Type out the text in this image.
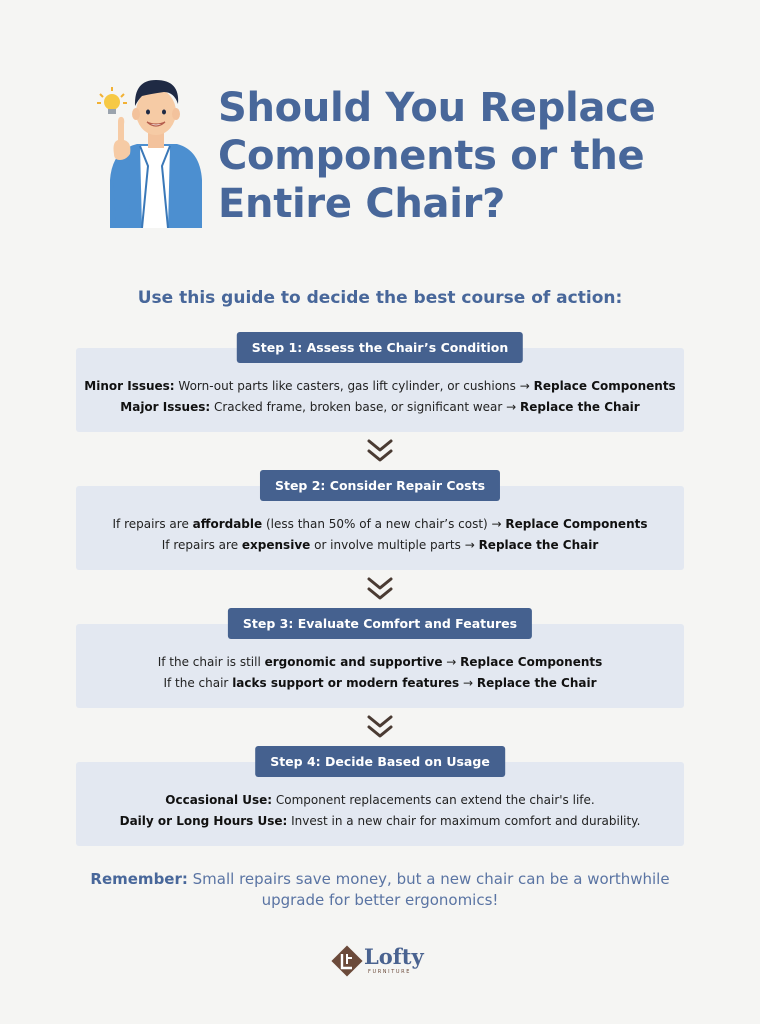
Should You Replace
Components or the
Entire Chair?
Use this guide to decide the best course of action:
Step 1: Assess the Chair’s Condition
Minor Issues: Worn-out parts like casters, gas lift cylinder, or cushions → Replace Components
Major Issues: Cracked frame, broken base, or significant wear → Replace the Chair
Step 2: Consider Repair Costs
If repairs are affordable (less than 50% of a new chair’s cost) → Replace Components
If repairs are expensive or involve multiple parts → Replace the Chair
Step 3: Evaluate Comfort and Features
If the chair is still ergonomic and supportive → Replace Components
If the chair lacks support or modern features → Replace the Chair
Step 4: Decide Based on Usage
Occasional Use: Component replacements can extend the chair's life.
Daily or Long Hours Use: Invest in a new chair for maximum comfort and durability.
Remember: Small repairs save money, but a new chair can be a worthwhile
upgrade for better ergonomics!
Lofty
FURNITURE
